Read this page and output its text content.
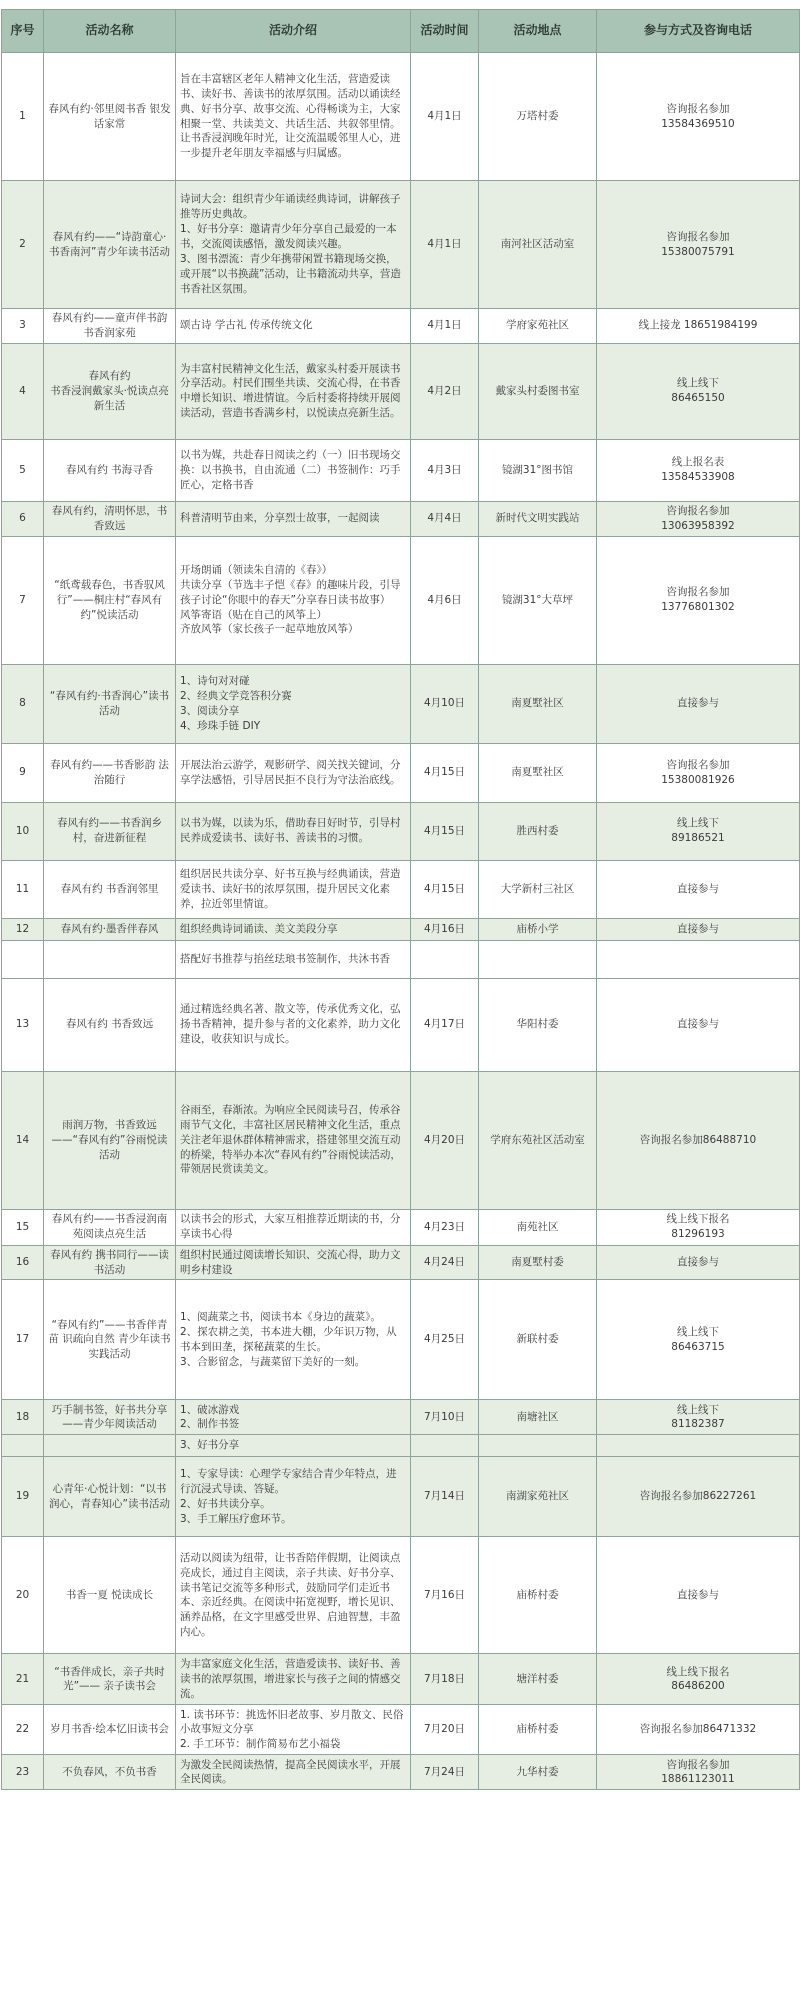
序号	活动名称	活动介绍	活动时间	活动地点	参与方式及咨询电话
1	春风有约·邻里阅书香 银发话家常	旨在丰富辖区老年人精神文化生活，营造爱读书、读好书、善读书的浓厚氛围。活动以诵读经典、好书分享、故事交流、心得畅谈为主，大家相聚一堂、共读美文、共话生活、共叙邻里情。让书香浸润晚年时光，让交流温暖邻里人心，进一步提升老年朋友幸福感与归属感。	4月1日	万塔村委	咨询报名参加
13584369510

2	春风有约——“诗韵童心·书香南河”青少年读书活动	诗词大会：组织青少年诵读经典诗词，讲解孩子推等历史典故。
1、好书分享：邀请青少年分享自己最爱的一本书，交流阅读感悟，激发阅读兴趣。
3、图书漂流：青少年携带闲置书籍现场交换，或开展“以书换蔬”活动，让书籍流动共享，营造书香社区氛围。	4月1日	南河社区活动室	咨询报名参加
15380075791

3	春风有约——童声伴书韵书香润家苑	颂古诗 学古礼 传承传统文化	4月1日	学府家苑社区	线上接龙 18651984199

4	春风有约
书香浸润戴家头·悦读点亮新生活	为丰富村民精神文化生活，戴家头村委开展读书分享活动。村民们围坐共读、交流心得，在书香中增长知识、增进情谊。今后村委将持续开展阅读活动，营造书香满乡村，以悦读点亮新生活。	4月2日	戴家头村委图书室	线上线下
86465150

5	春风有约 书海寻香	以书为媒，共赴春日阅读之约（一）旧书现场交换：以书换书，自由流通（二）书签制作：巧手匠心，定格书香	4月3日	镜湖31°图书馆	线上报名表
13584533908

6	春风有约，清明怀思，书香致远	科普清明节由来，分享烈士故事，一起阅读	4月4日	新时代文明实践站	咨询报名参加
13063958392

7	“纸鸢载春色，书香驭风行”——桐庄村“春风有约”悦读活动	开场朗诵（领读朱自清的《春》）
共读分享（节选丰子恺《春》的趣味片段，引导孩子讨论“你眼中的春天”分享春日读书故事）
风筝寄语（贴在自己的风筝上）
齐放风筝（家长孩子一起草地放风筝）	4月6日	镜湖31°大草坪	咨询报名参加
13776801302

8	“春风有约·书香润心”读书活动	1、诗句对对碰
2、经典文学竞答积分赛
3、阅读分享
4、珍珠手链 DIY	4月10日	南夏墅社区	直接参与

9	春风有约——书香影韵 法治随行	开展法治云游学，观影研学、阅关找关键词，分享学法感悟，引导居民拒不良行为守法治底线。	4月15日	南夏墅社区	咨询报名参加
15380081926

10	春风有约——书香润乡村，奋进新征程	以书为媒，以读为乐，借助春日好时节，引导村民养成爱读书、读好书、善读书的习惯。	4月15日	胜西村委	线上线下
89186521

11	春风有约 书香润邻里	组织居民共读分享、好书互换与经典诵读，营造爱读书、读好书的浓厚氛围，提升居民文化素养，拉近邻里情谊。	4月15日	大学新村三社区	直接参与

12	春风有约·墨香伴春风	组织经典诗词诵读、美文美段分享	4月16日	庙桥小学	直接参与

		搭配好书推荐与掐丝珐琅书签制作，共沐书香			

13	春风有约 书香致远	通过精选经典名著、散文等，传承优秀文化，弘扬书香精神，提升参与者的文化素养，助力文化建设，收获知识与成长。	4月17日	华阳村委	直接参与

14	雨润万物，书香致远——“春风有约”谷雨悦读活动	谷雨至，春渐浓。为响应全民阅读号召，传承谷雨节气文化，丰富社区居民精神文化生活，重点关注老年退休群体精神需求，搭建邻里交流互动的桥梁，特举办本次“春风有约”谷雨悦读活动，带领居民赏读美文。	4月20日	学府东苑社区活动室	咨询报名参加86488710

15	春风有约——书香浸润南苑阅读点亮生活	以读书会的形式，大家互相推荐近期读的书，分享读书心得	4月23日	南苑社区	线上线下报名
81296193

16	春风有约 携书同行——读书活动	组织村民通过阅读增长知识、交流心得，助力文明乡村建设	4月24日	南夏墅村委	直接参与

17	“春风有约”——书香伴青苗 识疏向自然 青少年读书实践活动	1、阅蔬菜之书，阅读书本《身边的蔬菜》。
2、探农耕之美，书本进大棚，少年识万物，从书本到田垄，探秘蔬菜的生长。
3、合影留念，与蔬菜留下美好的一刻。	4月25日	新联村委	线上线下
86463715

18	巧手制书签，好书共分享——青少年阅读活动	1、破冰游戏
2、制作书签	7月10日	南塘社区	线上线下
81182387

		3、好书分享			

19	心青年·心悦计划：“以书润心，青春知心”读书活动	1、专家导读：心理学专家结合青少年特点，进行沉浸式导读、答疑。
2、好书共读分享。
3、手工解压疗愈环节。	7月14日	南湖家苑社区	咨询报名参加86227261

20	书香一夏 悦读成长	活动以阅读为纽带，让书香陪伴假期，让阅读点亮成长，通过自主阅读，亲子共读、好书分享、读书笔记交流等多种形式，鼓励同学们走近书本、亲近经典。在阅读中拓宽视野，增长见识、涵养品格，在文字里感受世界、启迪智慧，丰盈内心。	7月16日	庙桥村委	直接参与

21	“书香伴成长，亲子共时光”—— 亲子读书会	为丰富家庭文化生活，营造爱读书、读好书、善读书的浓厚氛围，增进家长与孩子之间的情感交流。	7月18日	塘洋村委	线上线下报名
86486200

22	岁月书香·绘本忆旧读书会	1. 读书环节：挑选怀旧老故事、岁月散文、民俗小故事短文分享
2. 手工环节：制作简易布艺小福袋	7月20日	庙桥村委	咨询报名参加86471332

23	不负春风，不负书香	为激发全民阅读热情，提高全民阅读水平，开展全民阅读。	7月24日	九华村委	咨询报名参加
18861123011
